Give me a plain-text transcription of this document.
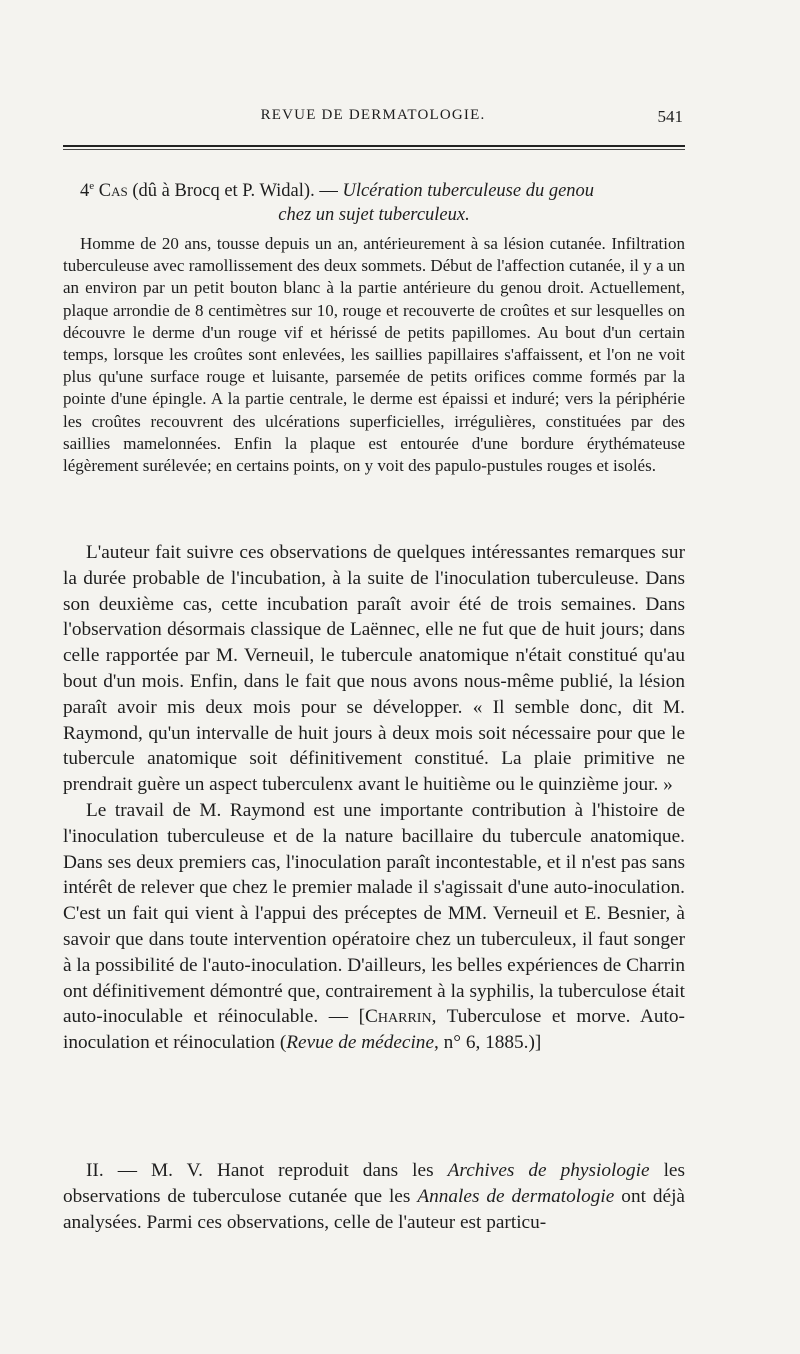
REVUE DE DERMATOLOGIE.	541
4e Cas (dû à Brocq et P. Widal). — Ulcération tuberculeuse du genou
chez un sujet tuberculeux.

Homme de 20 ans, tousse depuis un an, antérieurement à sa lésion cutanée. Infiltration tuberculeuse avec ramollissement des deux sommets. Début de l'affection cutanée, il y a un an environ par un petit bouton blanc à la partie antérieure du genou droit. Actuellement, plaque arrondie de 8 centimètres sur 10, rouge et recouverte de croûtes et sur lesquelles on découvre le derme d'un rouge vif et hérissé de petits papillomes. Au bout d'un certain temps, lorsque les croûtes sont enlevées, les saillies papillaires s'affaissent, et l'on ne voit plus qu'une surface rouge et luisante, parsemée de petits orifices comme formés par la pointe d'une épingle. A la partie centrale, le derme est épaissi et induré; vers la périphérie les croûtes recouvrent des ulcérations superficielles, irrégulières, constituées par des saillies mamelonnées. Enfin la plaque est entourée d'une bordure érythémateuse légèrement surélevée; en certains points, on y voit des papulo-pustules rouges et isolés.

L'auteur fait suivre ces observations de quelques intéressantes remarques sur la durée probable de l'incubation, à la suite de l'inoculation tuberculeuse. Dans son deuxième cas, cette incubation paraît avoir été de trois semaines. Dans l'observation désormais classique de Laënnec, elle ne fut que de huit jours; dans celle rapportée par M. Verneuil, le tubercule anatomique n'était constitué qu'au bout d'un mois. Enfin, dans le fait que nous avons nous-même publié, la lésion paraît avoir mis deux mois pour se développer. « Il semble donc, dit M. Raymond, qu'un intervalle de huit jours à deux mois soit nécessaire pour que le tubercule anatomique soit définitivement constitué. La plaie primitive ne prendrait guère un aspect tuberculenx avant le huitième ou le quinzième jour. »

Le travail de M. Raymond est une importante contribution à l'histoire de l'inoculation tuberculeuse et de la nature bacillaire du tubercule anatomique. Dans ses deux premiers cas, l'inoculation paraît incontestable, et il n'est pas sans intérêt de relever que chez le premier malade il s'agissait d'une auto-inoculation. C'est un fait qui vient à l'appui des préceptes de MM. Verneuil et E. Besnier, à savoir que dans toute intervention opératoire chez un tuberculeux, il faut songer à la possibilité de l'auto-inoculation. D'ailleurs, les belles expériences de Charrin ont définitivement démontré que, contrairement à la syphilis, la tuberculose était auto-inoculable et réinoculable. — [Charrin, Tuberculose et morve. Auto-inoculation et réinoculation (Revue de médecine, n° 6, 1885.)]

II. — M. V. Hanot reproduit dans les Archives de physiologie les observations de tuberculose cutanée que les Annales de dermatologie ont déjà analysées. Parmi ces observations, celle de l'auteur est particu-
